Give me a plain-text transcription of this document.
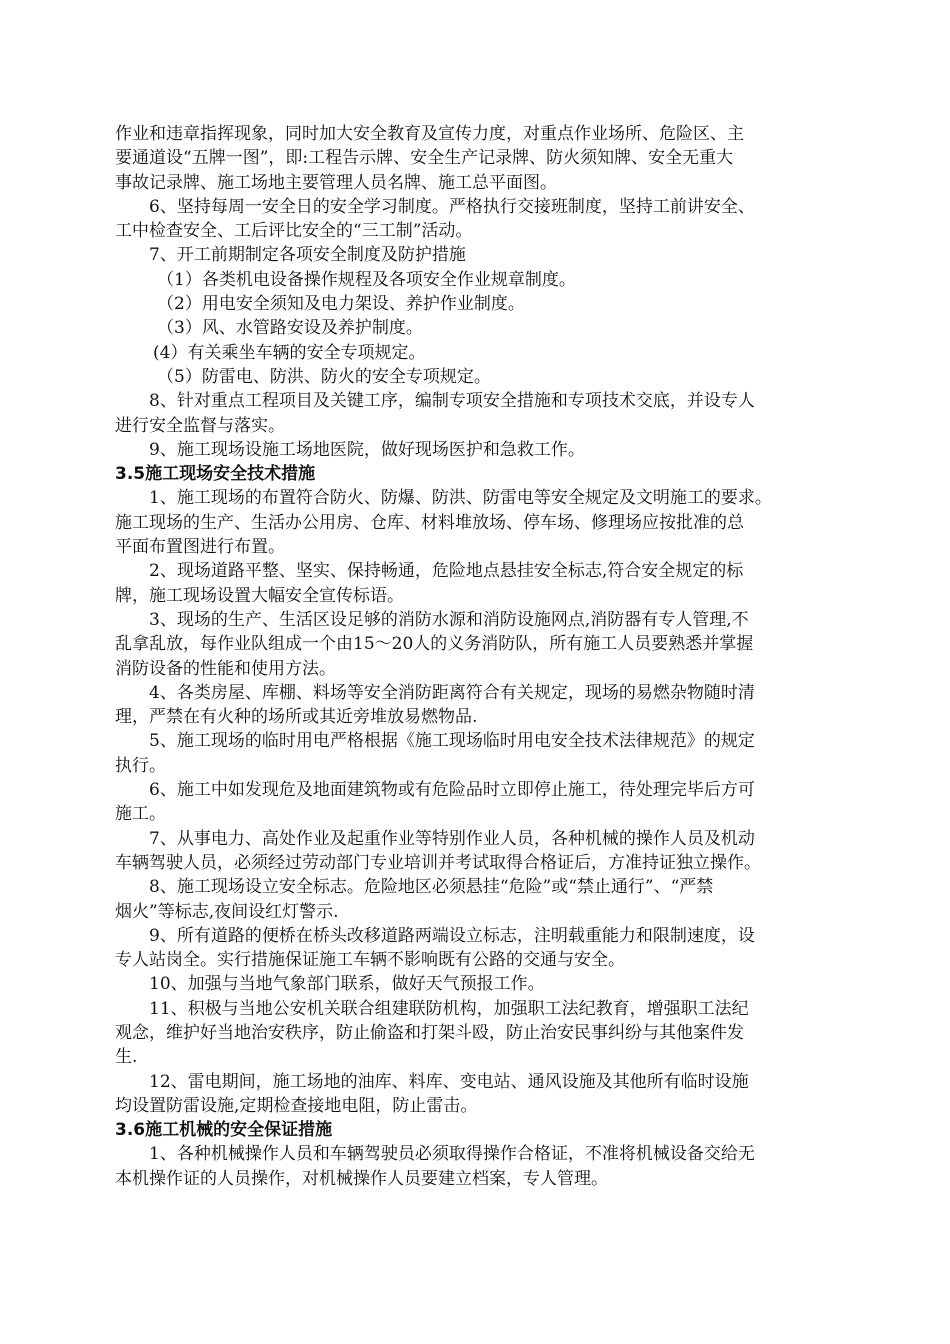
作业和违章指挥现象，同时加大安全教育及宣传力度，对重点作业场所、危险区、主
要通道设“五牌一图”，即:工程告示牌、安全生产记录牌、防火须知牌、安全无重大
事故记录牌、施工场地主要管理人员名牌、施工总平面图。
6、坚持每周一安全日的安全学习制度。严格执行交接班制度，坚持工前讲安全、
工中检查安全、工后评比安全的“三工制”活动。
7、开工前期制定各项安全制度及防护措施
（1）各类机电设备操作规程及各项安全作业规章制度。
（2）用电安全须知及电力架设、养护作业制度。
（3）风、水管路安设及养护制度。
(4）有关乘坐车辆的安全专项规定。
（5）防雷电、防洪、防火的安全专项规定。
8、针对重点工程项目及关键工序，编制专项安全措施和专项技术交底，并设专人
进行安全监督与落实。
9、施工现场设施工场地医院，做好现场医护和急救工作。
3.5施工现场安全技术措施
1、施工现场的布置符合防火、防爆、防洪、防雷电等安全规定及文明施工的要求。
施工现场的生产、生活办公用房、仓库、材料堆放场、停车场、修理场应按批准的总
平面布置图进行布置。
2、现场道路平整、坚实、保持畅通，危险地点悬挂安全标志,符合安全规定的标
牌，施工现场设置大幅安全宣传标语。
3、现场的生产、生活区设足够的消防水源和消防设施网点,消防器有专人管理,不
乱拿乱放，每作业队组成一个由15～20人的义务消防队，所有施工人员要熟悉并掌握
消防设备的性能和使用方法。
4、各类房屋、库棚、料场等安全消防距离符合有关规定，现场的易燃杂物随时清
理，严禁在有火种的场所或其近旁堆放易燃物品.
5、施工现场的临时用电严格根据《施工现场临时用电安全技术法律规范》的规定
执行。
6、施工中如发现危及地面建筑物或有危险品时立即停止施工，待处理完毕后方可
施工。
7、从事电力、高处作业及起重作业等特别作业人员，各种机械的操作人员及机动
车辆驾驶人员，必须经过劳动部门专业培训并考试取得合格证后，方准持证独立操作。
8、施工现场设立安全标志。危险地区必须悬挂“危险”或“禁止通行”、“严禁
烟火”等标志,夜间设红灯警示.
9、所有道路的便桥在桥头改移道路两端设立标志，注明载重能力和限制速度，设
专人站岗全。实行措施保证施工车辆不影响既有公路的交通与安全。
10、加强与当地气象部门联系，做好天气预报工作。
11、积极与当地公安机关联合组建联防机构，加强职工法纪教育，增强职工法纪
观念，维护好当地治安秩序，防止偷盗和打架斗殴，防止治安民事纠纷与其他案件发
生.
12、雷电期间，施工场地的油库、料库、变电站、通风设施及其他所有临时设施
均设置防雷设施,定期检查接地电阻，防止雷击。
3.6施工机械的安全保证措施
1、各种机械操作人员和车辆驾驶员必须取得操作合格证，不准将机械设备交给无
本机操作证的人员操作，对机械操作人员要建立档案，专人管理。
